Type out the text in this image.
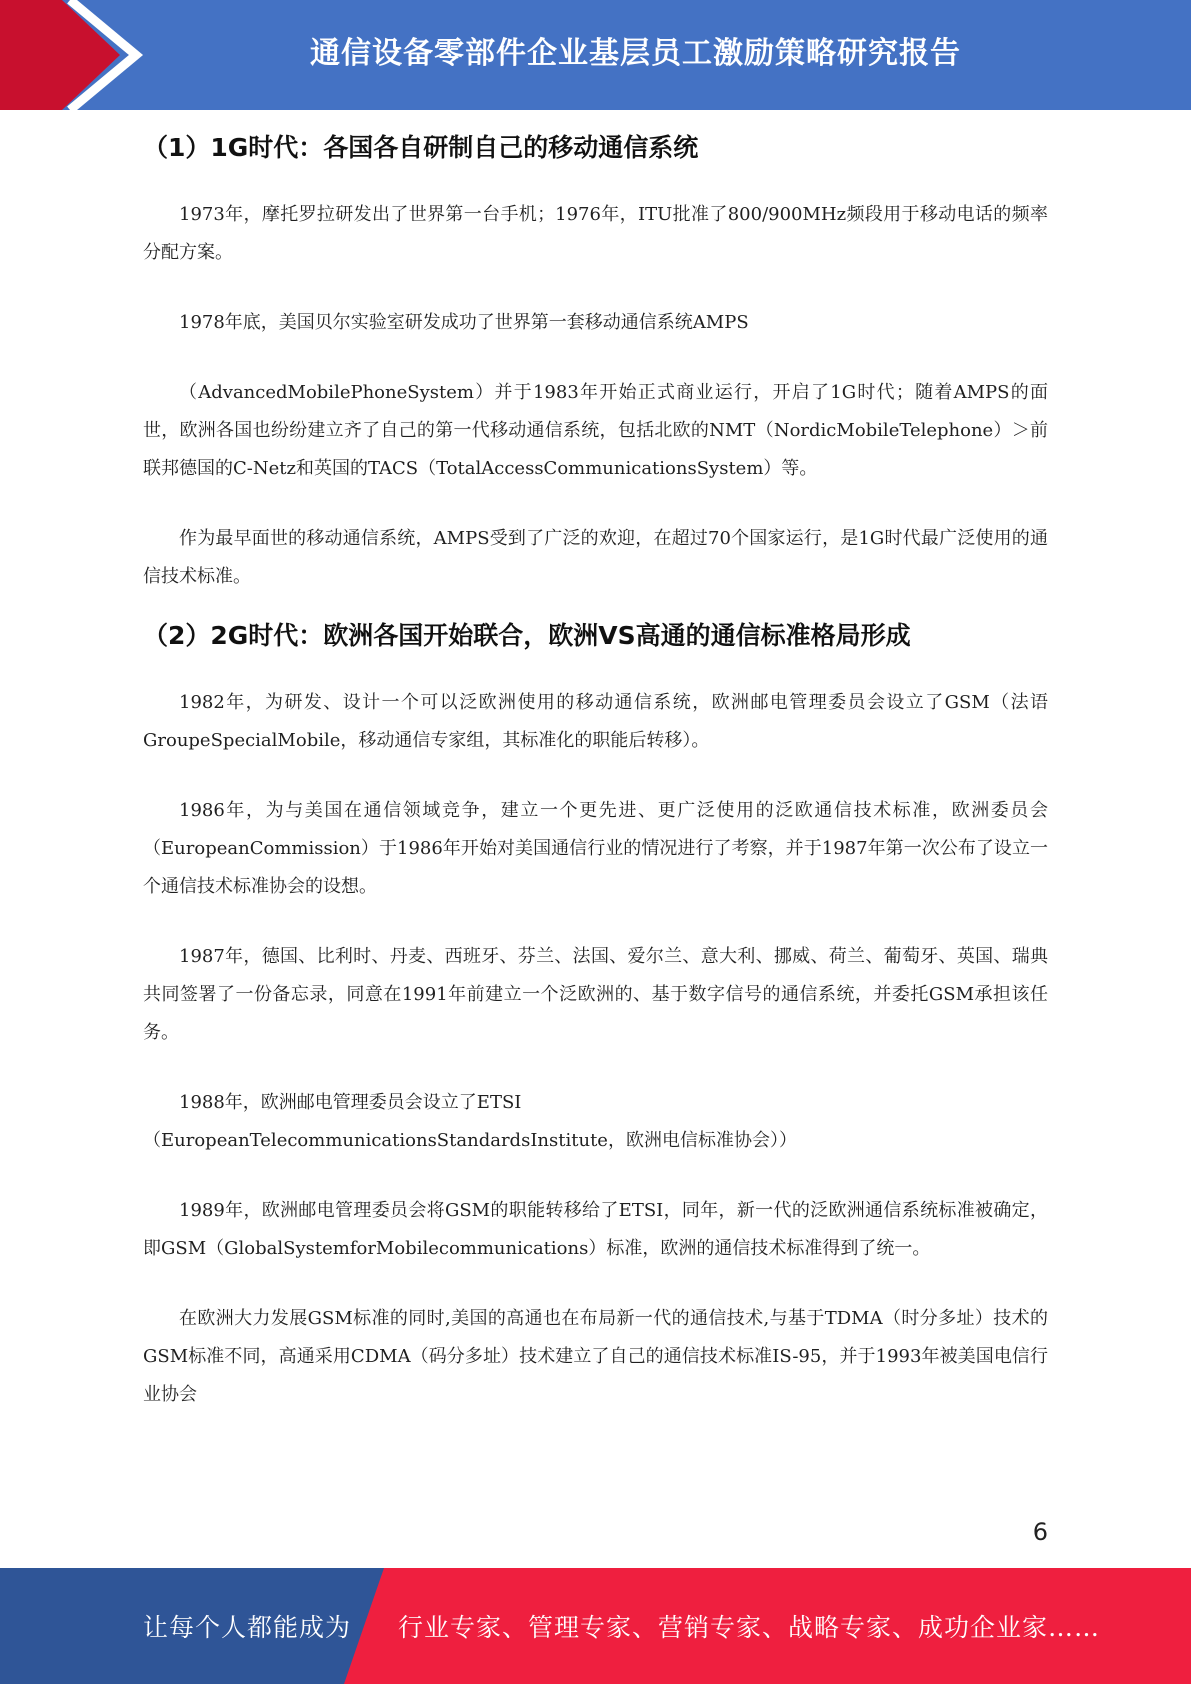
通信设备零部件企业基层员工激励策略研究报告
（1）1G时代：各国各自研制自己的移动通信系统

1973年，摩托罗拉研发出了世界第一台手机；1976年，ITU批准了800/900MHz频段用于移动电话的频率分配方案。

1978年底，美国贝尔实验室研发成功了世界第一套移动通信系统AMPS

（AdvancedMobilePhoneSystem）并于1983年开始正式商业运行，开启了1G时代；随着AMPS的面世，欧洲各国也纷纷建立齐了自己的第一代移动通信系统，包括北欧的NMT（NordicMobileTelephone）＞前联邦德国的C-Netz和英国的TACS（TotalAccessCommunicationsSystem）等。

作为最早面世的移动通信系统，AMPS受到了广泛的欢迎，在超过70个国家运行，是1G时代最广泛使用的通信技术标准。

（2）2G时代：欧洲各国开始联合，欧洲VS高通的通信标准格局形成

1982年，为研发、设计一个可以泛欧洲使用的移动通信系统，欧洲邮电管理委员会设立了GSM（法语GroupeSpecialMobile，移动通信专家组，其标准化的职能后转移）。

1986年，为与美国在通信领域竞争，建立一个更先进、更广泛使用的泛欧通信技术标准，欧洲委员会（EuropeanCommission）于1986年开始对美国通信行业的情况进行了考察，并于1987年第一次公布了设立一个通信技术标准协会的设想。

1987年，德国、比利时、丹麦、西班牙、芬兰、法国、爱尔兰、意大利、挪威、荷兰、葡萄牙、英国、瑞典共同签署了一份备忘录，同意在1991年前建立一个泛欧洲的、基于数字信号的通信系统，并委托GSM承担该任务。

1988年，欧洲邮电管理委员会设立了ETSI

（EuropeanTelecommunicationsStandardsInstitute，欧洲电信标准协会））

1989年，欧洲邮电管理委员会将GSM的职能转移给了ETSI，同年，新一代的泛欧洲通信系统标准被确定，即GSM（GlobalSystemforMobilecommunications）标准，欧洲的通信技术标准得到了统一。

在欧洲大力发展GSM标准的同时,美国的高通也在布局新一代的通信技术,与基于TDMA（时分多址）技术的GSM标准不同，高通采用CDMA（码分多址）技术建立了自己的通信技术标准IS-95，并于1993年被美国电信行业协会

6
让每个人都能成为 行业专家、管理专家、营销专家、战略专家、成功企业家……
